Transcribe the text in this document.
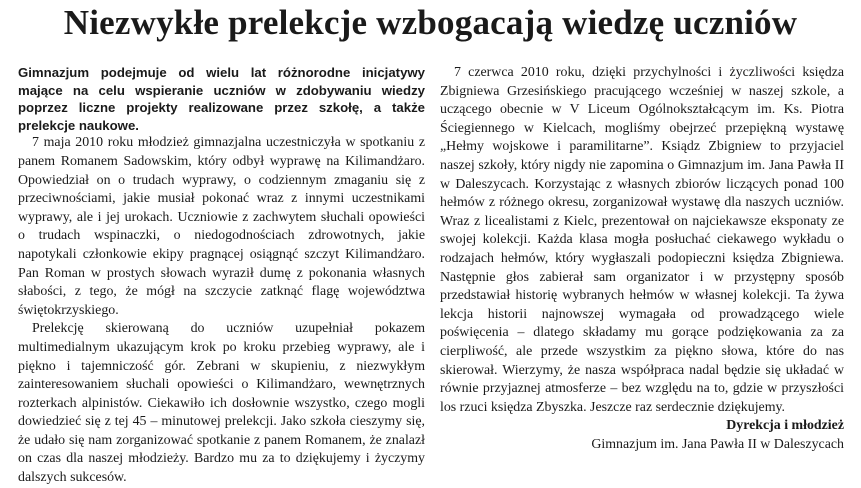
Niezwykłe prelekcje wzbogacają wiedzę uczniów

Gimnazjum podejmuje od wielu lat różnorodne inicjatywy mające na celu wspieranie uczniów w zdobywaniu wiedzy poprzez liczne projekty realizowane przez szkołę, a także prelekcje naukowe.

7 maja 2010 roku młodzież gimnazjalna uczestniczyła w spotkaniu z panem Romanem Sadowskim, który odbył wyprawę na Kilimandżaro. Opowiedział on o trudach wyprawy, o codziennym zmaganiu się z przeciwnościami, jakie musiał pokonać wraz z innymi uczestnikami wyprawy, ale i jej urokach. Uczniowie z zachwytem słuchali opowieści o trudach wspinaczki, o niedogodnościach zdrowotnych, jakie napotykali członkowie ekipy pragnącej osiągnąć szczyt Kilimandżaro. Pan Roman w prostych słowach wyraził dumę z pokonania własnych słabości, z tego, że mógł na szczycie zatknąć flagę województwa świętokrzyskiego.

Prelekcję skierowaną do uczniów uzupełniał pokazem multimedialnym ukazującym krok po kroku przebieg wyprawy, ale i piękno i tajemniczość gór. Zebrani w skupieniu, z niezwykłym zainteresowaniem słuchali opowieści o Kilimandżaro, wewnętrznych rozterkach alpinistów. Ciekawiło ich dosłownie wszystko, czego mogli dowiedzieć się z tej 45 – minutowej prelekcji. Jako szkoła cieszymy się, że udało się nam zorganizować spotkanie z panem Romanem, że znalazł on czas dla naszej młodzieży. Bardzo mu za to dziękujemy i życzymy dalszych sukcesów.

7 czerwca 2010 roku, dzięki przychylności i życzliwości księdza Zbigniewa Grzesińskiego pracującego wcześniej w naszej szkole, a uczącego obecnie w V Liceum Ogólnokształcącym im. Ks. Piotra Ściegiennego w Kielcach, mogliśmy obejrzeć przepiękną wystawę „Hełmy wojskowe i paramilitarne”. Ksiądz Zbigniew to przyjaciel naszej szkoły, który nigdy nie zapomina o Gimnazjum im. Jana Pawła II w Daleszycach. Korzystając z własnych zbiorów liczących ponad 100 hełmów z różnego okresu, zorganizował wystawę dla naszych uczniów. Wraz z licealistami z Kielc, prezentował on najciekawsze eksponaty ze swojej kolekcji. Każda klasa mogła posłuchać ciekawego wykładu o rodzajach hełmów, który wygłaszali podopieczni księdza Zbigniewa. Następnie głos zabierał sam organizator i w przystępny sposób przedstawiał historię wybranych hełmów w własnej kolekcji. Ta żywa lekcja historii najnowszej wymagała od prowadzącego wiele poświęcenia – dlatego składamy mu gorące podziękowania za za cierpliwość, ale przede wszystkim za piękno słowa, które do nas skierował. Wierzymy, że nasza współpraca nadal będzie się układać w równie przyjaznej atmosferze – bez względu na to, gdzie w przyszłości los rzuci księdza Zbyszka. Jeszcze raz serdecznie dziękujemy.

Dyrekcja i młodzież

Gimnazjum im. Jana Pawła II w Daleszycach
